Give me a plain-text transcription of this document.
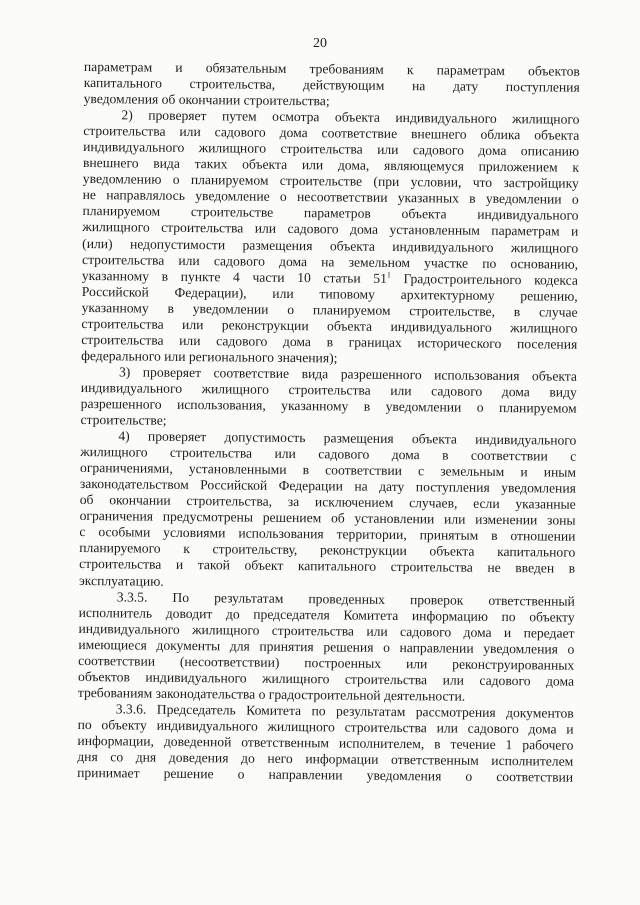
20
параметрам и обязательным требованиям к параметрам объектов
капитального строительства, действующим на дату поступления
уведомления об окончании строительства;
2) проверяет путем осмотра объекта индивидуального жилищного
строительства или садового дома соответствие внешнего облика объекта
индивидуального жилищного строительства или садового дома описанию
внешнего вида таких объекта или дома, являющемуся приложением к
уведомлению о планируемом строительстве (при условии, что застройщику
не направлялось уведомление о несоответствии указанных в уведомлении о
планируемом строительстве параметров объекта индивидуального
жилищного строительства или садового дома установленным параметрам и
(или) недопустимости размещения объекта индивидуального жилищного
строительства или садового дома на земельном участке по основанию,
указанному в пункте 4 части 10 статьи $51^1$ Градостроительного кодекса
Российской Федерации), или типовому архитектурному решению,
указанному в уведомлении о планируемом строительстве, в случае
строительства или реконструкции объекта индивидуального жилищного
строительства или садового дома в границах исторического поселения
федерального или регионального значения);
3) проверяет соответствие вида разрешенного использования объекта
индивидуального жилищного строительства или садового дома виду
разрешенного использования, указанному в уведомлении о планируемом
строительстве;
4) проверяет допустимость размещения объекта индивидуального
жилищного строительства или садового дома в соответствии с
ограничениями, установленными в соответствии с земельным и иным
законодательством Российской Федерации на дату поступления уведомления
об окончании строительства, за исключением случаев, если указанные
ограничения предусмотрены решением об установлении или изменении зоны
с особыми условиями использования территории, принятым в отношении
планируемого к строительству, реконструкции объекта капитального
строительства и такой объект капитального строительства не введен в
эксплуатацию.
3.3.5. По результатам проведенных проверок ответственный
исполнитель доводит до председателя Комитета информацию по объекту
индивидуального жилищного строительства или садового дома и передает
имеющиеся документы для принятия решения о направлении уведомления о
соответствии (несоответствии) построенных или реконструированных
объектов индивидуального жилищного строительства или садового дома
требованиям законодательства о градостроительной деятельности.
3.3.6. Председатель Комитета по результатам рассмотрения документов
по объекту индивидуального жилищного строительства или садового дома и
информации, доведенной ответственным исполнителем, в течение 1 рабочего
дня со дня доведения до него информации ответственным исполнителем
принимает решение о направлении уведомления о соответствии
